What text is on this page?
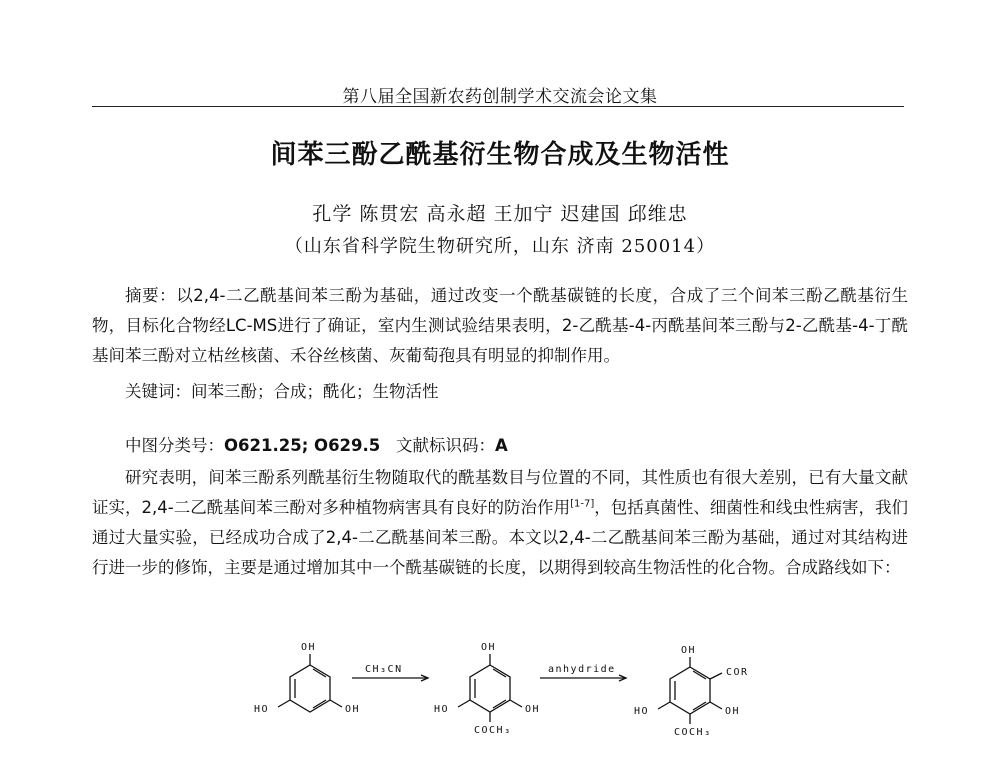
第八届全国新农药创制学术交流会论文集
间苯三酚乙酰基衍生物合成及生物活性
孔学 陈贯宏 高永超 王加宁 迟建国 邱维忠
（山东省科学院生物研究所，山东 济南 250014）
摘要：以2,4-二乙酰基间苯三酚为基础，通过改变一个酰基碳链的长度，合成了三个间苯三酚乙酰基衍生物，目标化合物经LC-MS进行了确证，室内生测试验结果表明，2-乙酰基-4-丙酰基间苯三酚与2-乙酰基-4-丁酰基间苯三酚对立枯丝核菌、禾谷丝核菌、灰葡萄孢具有明显的抑制作用。
关键词：间苯三酚；合成；酰化；生物活性
中图分类号：O621.25; O629.5 文献标识码：A
研究表明，间苯三酚系列酰基衍生物随取代的酰基数目与位置的不同，其性质也有很大差别，已有大量文献证实，2,4-二乙酰基间苯三酚对多种植物病害具有良好的防治作用[1-7]，包括真菌性、细菌性和线虫性病害，我们通过大量实验，已经成功合成了2,4-二乙酰基间苯三酚。本文以2,4-二乙酰基间苯三酚为基础，通过对其结构进行进一步的修饰，主要是通过增加其中一个酰基碳链的长度，以期得到较高生物活性的化合物。合成路线如下：
OH
HO	OH
CH₃CN
OH
HO	OH
COCH₃
anhydride
OH
HO	OH
COR
COCH₃
